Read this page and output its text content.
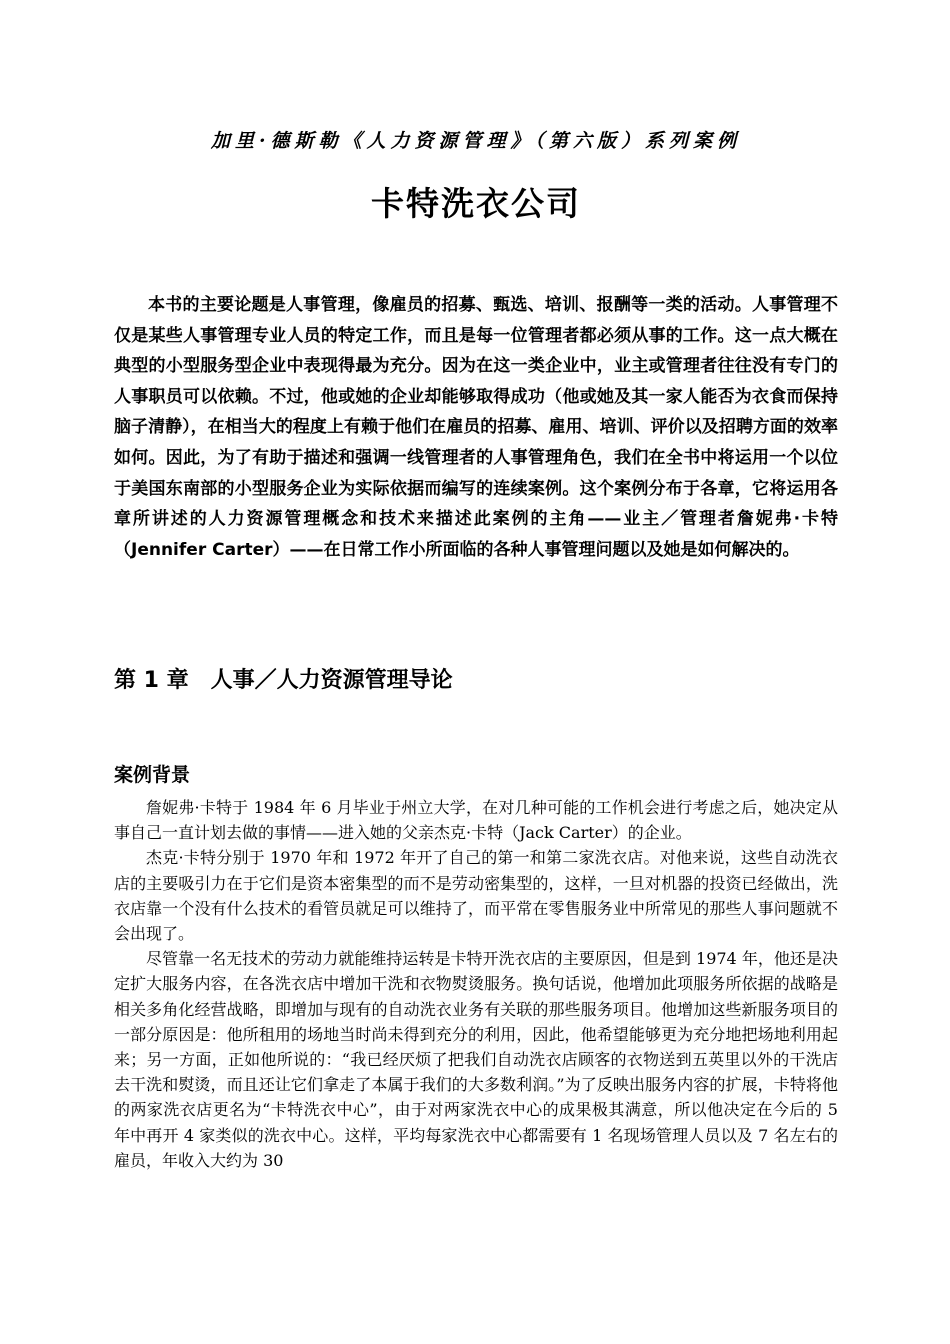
加里·德斯勒《人力资源管理》（第六版）系列案例
卡特洗衣公司

本书的主要论题是人事管理，像雇员的招募、甄选、培训、报酬等一类的活动。人事管理不仅是某些人事管理专业人员的特定工作，而且是每一位管理者都必须从事的工作。这一点大概在典型的小型服务型企业中表现得最为充分。因为在这一类企业中，业主或管理者往往没有专门的人事职员可以依赖。不过，他或她的企业却能够取得成功（他或她及其一家人能否为衣食而保持脑子清静），在相当大的程度上有赖于他们在雇员的招募、雇用、培训、评价以及招聘方面的效率如何。因此，为了有助于描述和强调一线管理者的人事管理角色，我们在全书中将运用一个以位于美国东南部的小型服务企业为实际依据而编写的连续案例。这个案例分布于各章，它将运用各章所讲述的人力资源管理概念和技术来描述此案例的主角——业主／管理者詹妮弗·卡特（Jennifer Carter）——在日常工作小所面临的各种人事管理问题以及她是如何解决的。

第 1 章　人事／人力资源管理导论
案例背景

詹妮弗·卡特于 1984 年 6 月毕业于州立大学，在对几种可能的工作机会进行考虑之后，她决定从事自己一直计划去做的事情——进入她的父亲杰克·卡特（Jack Carter）的企业。

杰克·卡特分别于 1970 年和 1972 年开了自己的第一和第二家洗衣店。对他来说，这些自动洗衣店的主要吸引力在于它们是资本密集型的而不是劳动密集型的，这样，一旦对机器的投资已经做出，洗衣店靠一个没有什么技术的看管员就足可以维持了，而平常在零售服务业中所常见的那些人事问题就不会出现了。

尽管靠一名无技术的劳动力就能维持运转是卡特开洗衣店的主要原因，但是到 1974 年，他还是决定扩大服务内容，在各洗衣店中增加干洗和衣物熨烫服务。换句话说，他增加此项服务所依据的战略是相关多角化经营战略，即增加与现有的自动洗衣业务有关联的那些服务项目。他增加这些新服务项目的一部分原因是：他所租用的场地当时尚未得到充分的利用，因此，他希望能够更为充分地把场地利用起来；另一方面，正如他所说的：“我已经厌烦了把我们自动洗衣店顾客的衣物送到五英里以外的干洗店去干洗和熨烫，而且还让它们拿走了本属于我们的大多数利润。”为了反映出服务内容的扩展，卡特将他的两家洗衣店更名为“卡特洗衣中心”，由于对两家洗衣中心的成果极其满意，所以他决定在今后的 5 年中再开 4 家类似的洗衣中心。这样，平均每家洗衣中心都需要有 1 名现场管理人员以及 7 名左右的雇员，年收入大约为 30
